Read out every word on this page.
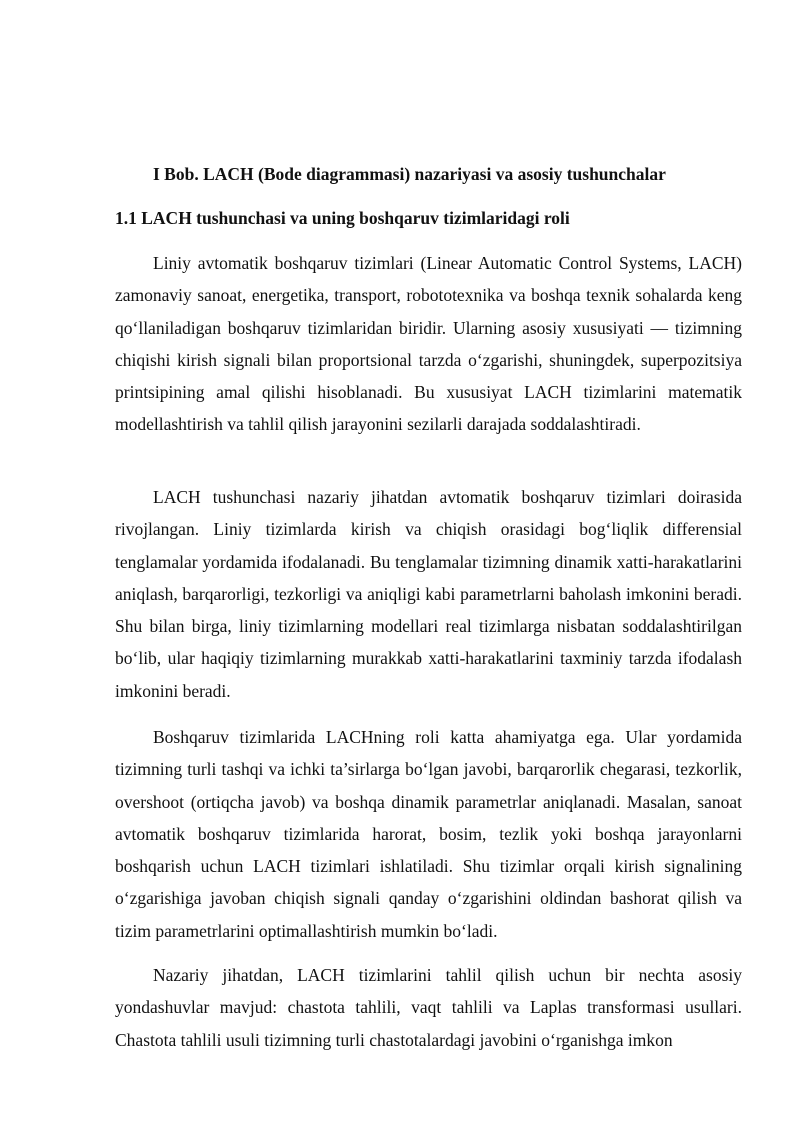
I Bob. LACH (Bode diagrammasi) nazariyasi va asosiy tushunchalar
1.1 LACH tushunchasi va uning boshqaruv tizimlaridagi roli

Liniy avtomatik boshqaruv tizimlari (Linear Automatic Control Systems, LACH) zamonaviy sanoat, energetika, transport, robototexnika va boshqa texnik sohalarda keng qo‘llaniladigan boshqaruv tizimlaridan biridir. Ularning asosiy xususiyati — tizimning chiqishi kirish signali bilan proportsional tarzda o‘zgarishi, shuningdek, superpozitsiya printsipining amal qilishi hisoblanadi. Bu xususiyat LACH tizimlarini matematik modellashtirish va tahlil qilish jarayonini sezilarli darajada soddalashtiradi.

LACH tushunchasi nazariy jihatdan avtomatik boshqaruv tizimlari doirasida rivojlangan. Liniy tizimlarda kirish va chiqish orasidagi bog‘liqlik differensial tenglamalar yordamida ifodalanadi. Bu tenglamalar tizimning dinamik xatti-harakatlarini aniqlash, barqarorligi, tezkorligi va aniqligi kabi parametrlarni baholash imkonini beradi. Shu bilan birga, liniy tizimlarning modellari real tizimlarga nisbatan soddalashtirilgan bo‘lib, ular haqiqiy tizimlarning murakkab xatti-harakatlarini taxminiy tarzda ifodalash imkonini beradi.

Boshqaruv tizimlarida LACHning roli katta ahamiyatga ega. Ular yordamida tizimning turli tashqi va ichki ta’sirlarga bo‘lgan javobi, barqarorlik chegarasi, tezkorlik, overshoot (ortiqcha javob) va boshqa dinamik parametrlar aniqlanadi. Masalan, sanoat avtomatik boshqaruv tizimlarida harorat, bosim, tezlik yoki boshqa jarayonlarni boshqarish uchun LACH tizimlari ishlatiladi. Shu tizimlar orqali kirish signalining o‘zgarishiga javoban chiqish signali qanday o‘zgarishini oldindan bashorat qilish va tizim parametrlarini optimallashtirish mumkin bo‘ladi.

Nazariy jihatdan, LACH tizimlarini tahlil qilish uchun bir nechta asosiy yondashuvlar mavjud: chastota tahlili, vaqt tahlili va Laplas transformasi usullari. Chastota tahlili usuli tizimning turli chastotalardagi javobini o‘rganishga imkon
